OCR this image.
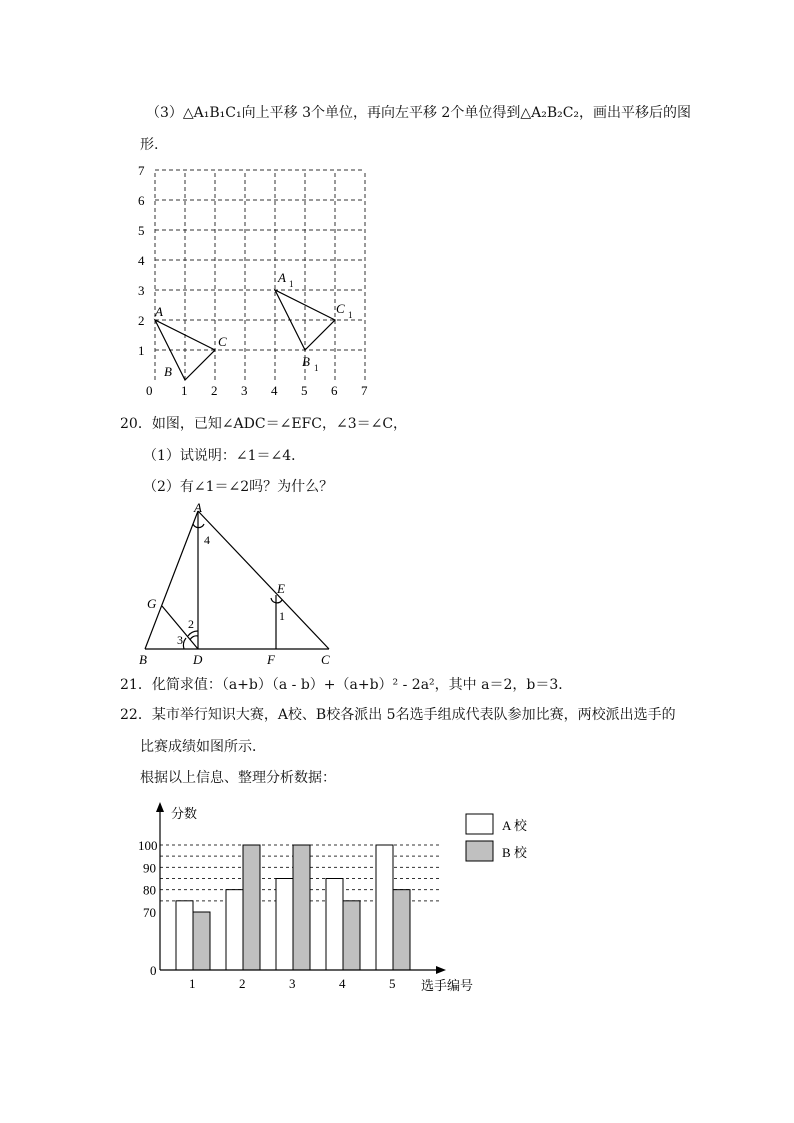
（3）△A₁B₁C₁向上平移 3个单位，再向左平移 2个单位得到△A₂B₂C₂，画出平移后的图
形.
0 1 2 3 4 5 6 7
1
2
3
4
5
6
7
A
B
C
A 1
B 1
C 1
A
B	C
D
E
F
G
4
1
2
3
0
70
80
90
100
1	2	3	4	5
分数
选手编号
A 校
B 校
20．如图，已知∠ADC＝∠EFC，∠3＝∠C，
（1）试说明：∠1＝∠4．
（2）有∠1＝∠2吗？为什么？
21．化简求值：（a+b）（a - b）+（a+b）² - 2a²，其中 a＝2，b＝3．
22．某市举行知识大赛，A校、B校各派出 5名选手组成代表队参加比赛，两校派出选手的
比赛成绩如图所示．
根据以上信息、整理分析数据：
